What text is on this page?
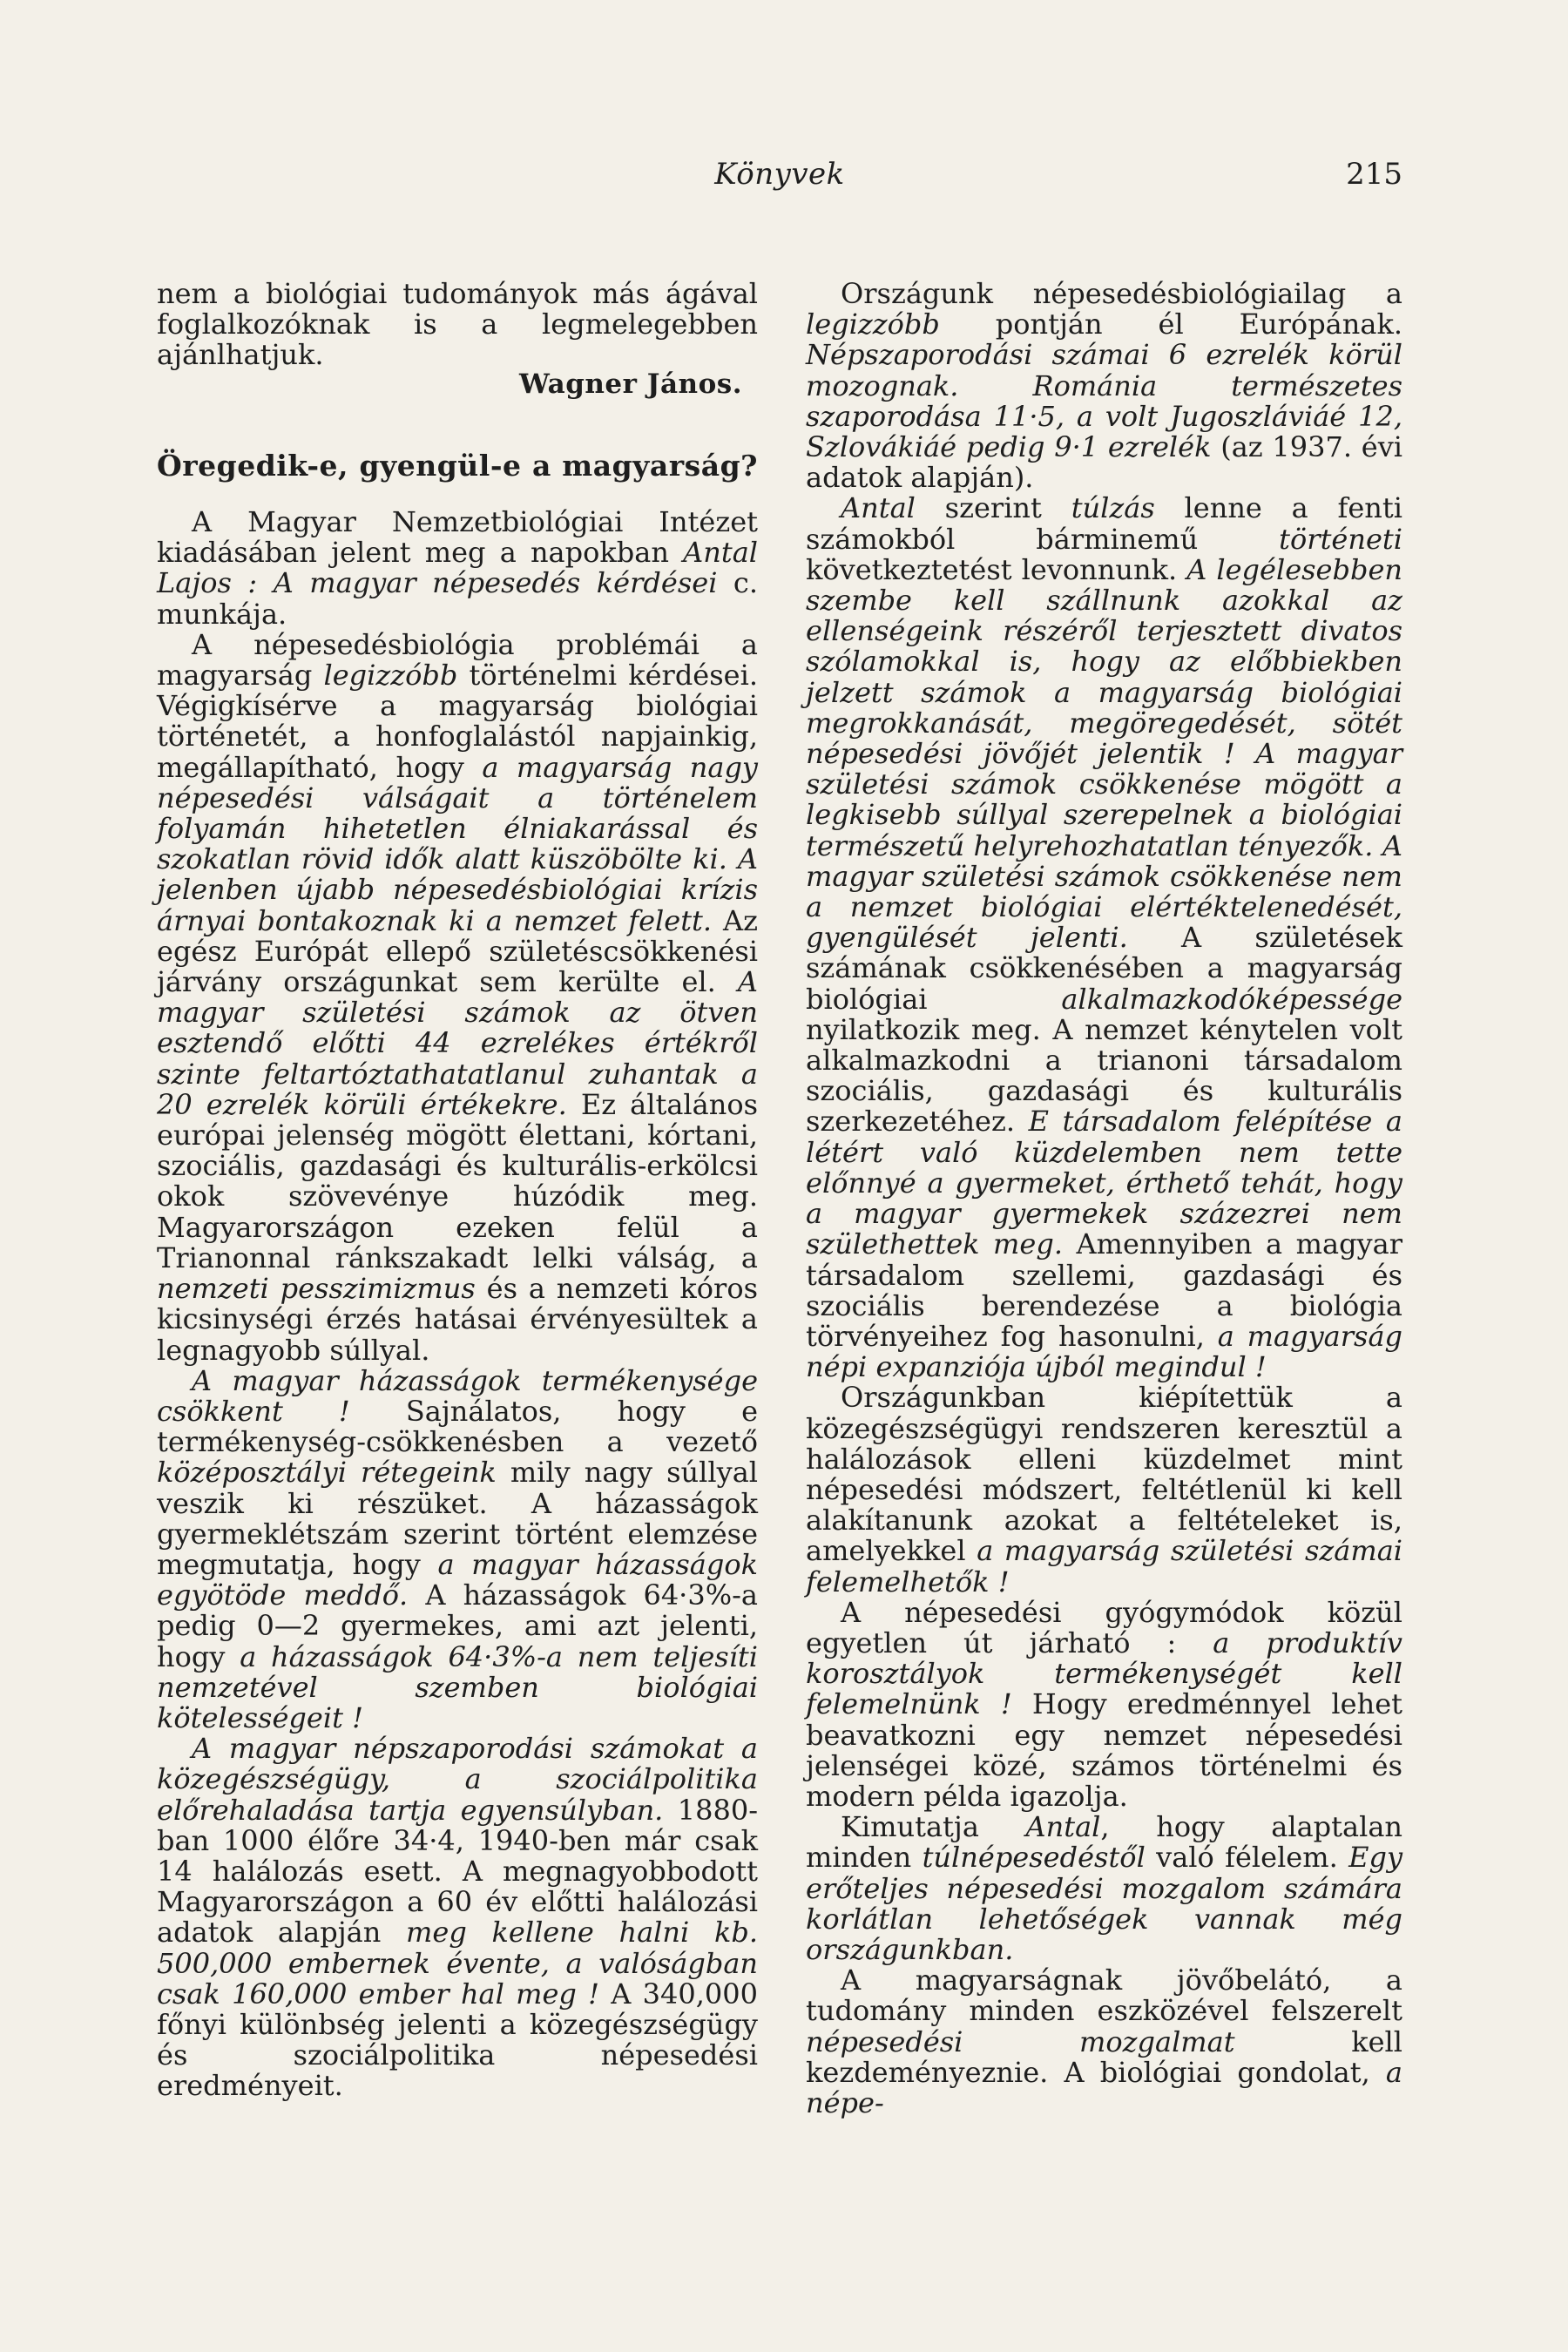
Könyvek	215

nem a biológiai tudományok más ágával foglalkozóknak is a legmelegebben ajánlhatjuk.

Wagner János.
Öregedik-e, gyengül-e a magyarság?

A Magyar Nemzetbiológiai Intézet kiadásában jelent meg a napokban Antal Lajos : A magyar népesedés kérdései c. munkája.

A népesedésbiológia problémái a magyarság legizzóbb történelmi kérdései. Végigkísérve a magyarság biológiai történetét, a honfoglalástól napjainkig, megállapítható, hogy a magyarság nagy népesedési válságait a történelem folyamán hihetetlen élniakarással és szokatlan rövid idők alatt küszöbölte ki. A jelenben újabb népesedésbiológiai krízis árnyai bontakoznak ki a nemzet felett. Az egész Európát ellepő születéscsökkenési járvány országunkat sem kerülte el. A magyar születési számok az ötven esztendő előtti 44 ezrelékes értékről szinte feltartóztathatatlanul zuhantak a 20 ezrelék körüli értékekre. Ez általános európai jelenség mögött élettani, kórtani, szociális, gazdasági és kulturális-erkölcsi okok szövevénye húzódik meg. Magyarországon ezeken felül a Trianonnal ránkszakadt lelki válság, a nemzeti pesszimizmus és a nemzeti kóros kicsinységi érzés hatásai érvényesültek a legnagyobb súllyal.

A magyar házasságok termékenysége csökkent ! Sajnálatos, hogy e termékenység-csökkenésben a vezető középosztályi rétegeink mily nagy súllyal veszik ki részüket. A házasságok gyermeklétszám szerint történt elemzése megmutatja, hogy a magyar házasságok egyötöde meddő. A házasságok 64·3%-a pedig 0—2 gyermekes, ami azt jelenti, hogy a házasságok 64·3%-a nem teljesíti nemzetével szemben biológiai kötelességeit !

A magyar népszaporodási számokat a közegészségügy, a szociálpolitika előrehaladása tartja egyensúlyban. 1880-ban 1000 élőre 34·4, 1940-ben már csak 14 halálozás esett. A megnagyobbodott Magyarországon a 60 év előtti halálozási adatok alapján meg kellene halni kb. 500,000 embernek évente, a valóságban csak 160,000 ember hal meg ! A 340,000 főnyi különbség jelenti a közegészségügy és szociálpolitika népesedési eredményeit.

Országunk népesedésbiológiailag a legizzóbb pontján él Európának. Népszaporodási számai 6 ezrelék körül mozognak. Románia természetes szaporodása 11·5, a volt Jugoszláviáé 12, Szlovákiáé pedig 9·1 ezrelék (az 1937. évi adatok alapján).

Antal szerint túlzás lenne a fenti számokból bárminemű történeti következtetést levonnunk. A legélesebben szembe kell szállnunk azokkal az ellenségeink részéről terjesztett divatos szólamokkal is, hogy az előbbiekben jelzett számok a magyarság biológiai megrokkanását, megöregedését, sötét népesedési jövőjét jelentik ! A magyar születési számok csökkenése mögött a legkisebb súllyal szerepelnek a biológiai természetű helyrehozhatatlan tényezők. A magyar születési számok csökkenése nem a nemzet biológiai elértéktelenedését, gyengülését jelenti. A születések számának csökkenésében a magyarság biológiai alkalmazkodóképessége nyilatkozik meg. A nemzet kénytelen volt alkalmazkodni a trianoni társadalom szociális, gazdasági és kulturális szerkezetéhez. E társadalom felépítése a létért való küzdelemben nem tette előnnyé a gyermeket, érthető tehát, hogy a magyar gyermekek százezrei nem születhettek meg. Amennyiben a magyar társadalom szellemi, gazdasági és szociális berendezése a biológia törvényeihez fog hasonulni, a magyarság népi expanziója újból megindul !

Országunkban kiépítettük a közegészségügyi rendszeren keresztül a halálozások elleni küzdelmet mint népesedési módszert, feltétlenül ki kell alakítanunk azokat a feltételeket is, amelyekkel a magyarság születési számai felemelhetők !

A népesedési gyógymódok közül egyetlen út járható : a produktív korosztályok termékenységét kell felemelnünk ! Hogy eredménnyel lehet beavatkozni egy nemzet népesedési jelenségei közé, számos történelmi és modern példa igazolja.

Kimutatja Antal, hogy alaptalan minden túlnépesedéstől való félelem. Egy erőteljes népesedési mozgalom számára korlátlan lehetőségek vannak még országunkban.

A magyarságnak jövőbelátó, a tudomány minden eszközével felszerelt népesedési mozgalmat kell kezdeményeznie. A biológiai gondolat, a népe-
